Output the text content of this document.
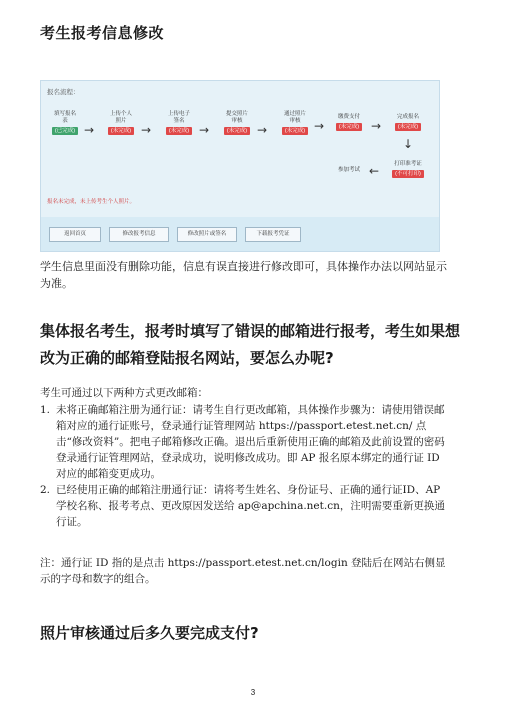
考生报考信息修改
报名流程：
填写报名表
(已完成) →
上传个人照片
(未完成) →
上传电子签名
(未完成) →
提交照片审核
(未完成) →
通过照片审核
(未完成) →
缴费支付
(未完成) →
完成报名
(未完成)
↓
打印准考证
(不可打印)
←
参加考试
报名未完成，未上传考生个人照片。
返回首页	修改报考信息	修改照片或签名	下载报考凭证

学生信息里面没有删除功能，信息有误直接进行修改即可，具体操作办法以网站显示为准。

集体报名考生，报考时填写了错误的邮箱进行报考，考生如果想改为正确的邮箱登陆报名网站，要怎么办呢?

考生可通过以下两种方式更改邮箱：

1. 未将正确邮箱注册为通行证：请考生自行更改邮箱，具体操作步骤为：请使用错误邮箱对应的通行证账号，登录通行证管理网站 https://passport.etest.net.cn/ 点击“修改资料”。把电子邮箱修改正确。退出后重新使用正确的邮箱及此前设置的密码登录通行证管理网站，登录成功，说明修改成功。即 AP 报名原本绑定的通行证 ID 对应的邮箱变更成功。
2. 已经使用正确的邮箱注册通行证：请将考生姓名、身份证号、正确的通行证ID、AP 学校名称、报考考点、更改原因发送给 ap@apchina.net.cn，注明需要重新更换通行证。

注：通行证 ID 指的是点击 https://passport.etest.net.cn/login 登陆后在网站右侧显示的字母和数字的组合。

照片审核通过后多久要完成支付?
3
